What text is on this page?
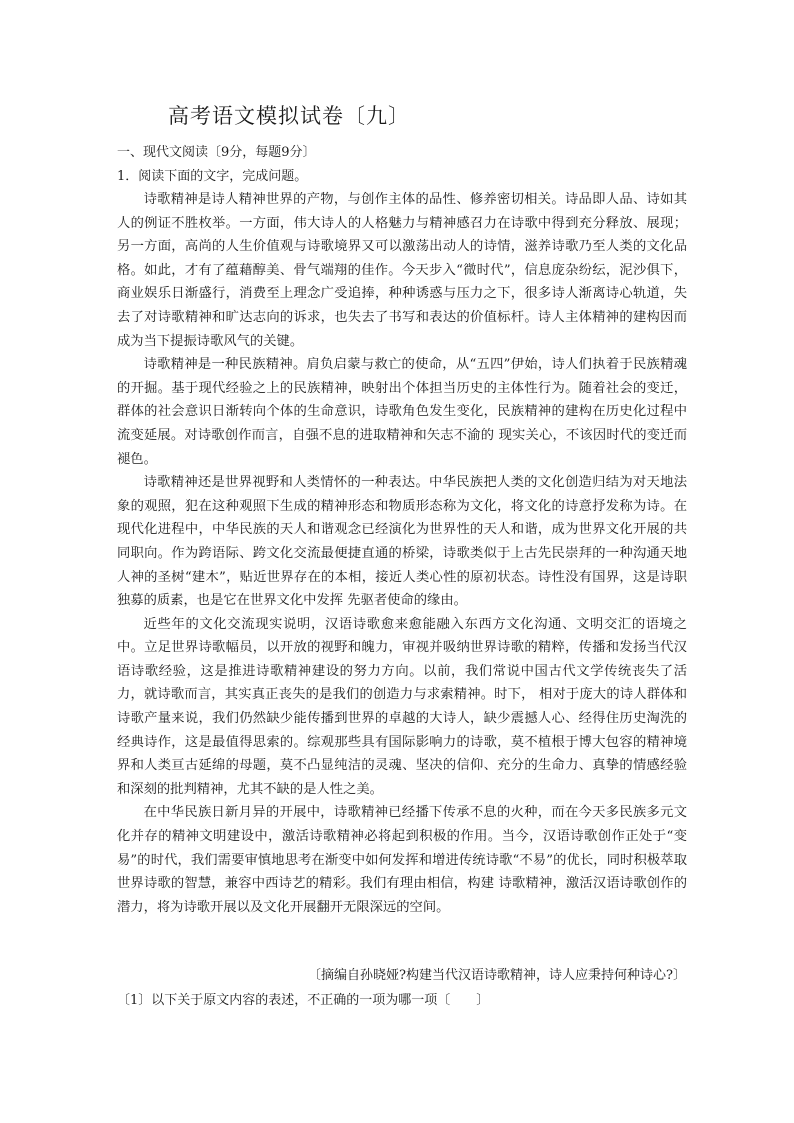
高考语文模拟试卷〔九〕
一、现代文阅读〔9分，每题9分〕
1．阅读下面的文字，完成问题。

诗歌精神是诗人精神世界的产物，与创作主体的品性、修养密切相关。诗品即人品、诗如其人的例证不胜枚举。一方面，伟大诗人的人格魅力与精神感召力在诗歌中得到充分释放、展现；另一方面，高尚的人生价值观与诗歌境界又可以激荡出动人的诗情，滋养诗歌乃至人类的文化品格。如此，才有了蕴藉醇美、骨气端翔的佳作。今天步入“微时代”，信息庞杂纷纭，泥沙俱下，商业娱乐日渐盛行，消费至上理念广受追捧，种种诱惑与压力之下，很多诗人渐离诗心轨道，失去了对诗歌精神和旷达志向的诉求，也失去了书写和表达的价值标杆。诗人主体精神的建构因而成为当下提振诗歌风气的关键。

诗歌精神是一种民族精神。肩负启蒙与救亡的使命，从“五四”伊始，诗人们执着于民族精魂的开掘。基于现代经验之上的民族精神，映射出个体担当历史的主体性行为。随着社会的变迁，群体的社会意识日渐转向个体的生命意识，诗歌角色发生变化，民族精神的建构在历史化过程中流变延展。对诗歌创作而言，自强不息的进取精神和矢志不渝的 现实关心，不该因时代的变迁而褪色。

诗歌精神还是世界视野和人类情怀的一种表达。中华民族把人类的文化创造归结为对天地法象的观照，犯在这种观照下生成的精神形态和物质形态称为文化，将文化的诗意抒发称为诗。在现代化进程中，中华民族的天人和谐观念已经演化为世界性的天人和谐，成为世界文化开展的共同职向。作为跨语际、跨文化交流最便捷直通的桥梁，诗歌类似于上古先民崇拜的一种沟通天地人神的圣树“建木”，贴近世界存在的本相，接近人类心性的原初状态。诗性没有国界，这是诗职独募的质素，也是它在世界文化中发挥 先驱者使命的缘由。

近些年的文化交流现实说明，汉语诗歌愈来愈能融入东西方文化沟通、文明交汇的语境之中。立足世界诗歌幅员，以开放的视野和魄力，审视并吸纳世界诗歌的精粹，传播和发扬当代汉语诗歌经验，这是推进诗歌精神建设的努力方向。以前，我们常说中国古代文学传统丧失了活力，就诗歌而言，其实真正丧失的是我们的创造力与求索精神。时下， 相对于庞大的诗人群体和诗歌产量来说，我们仍然缺少能传播到世界的卓越的大诗人，缺少震撼人心、经得住历史淘洗的经典诗作，这是最值得思索的。综观那些具有国际影响力的诗歌，莫不植根于博大包容的精神境界和人类亘古延绵的母题，莫不凸显纯洁的灵魂、坚决的信仰、充分的生命力、真挚的情感经验和深刻的批判精神，尤其不缺的是人性之美。

在中华民族日新月异的开展中，诗歌精神已经播下传承不息的火种，而在今天多民族多元文化并存的精神文明建设中，激活诗歌精神必将起到积极的作用。当今，汉语诗歌创作正处于“变易”的时代，我们需要审慎地思考在渐变中如何发挥和增进传统诗歌“不易”的优长，同时积极萃取世界诗歌的智慧，兼容中西诗艺的精彩。我们有理由相信，构建 诗歌精神，激活汉语诗歌创作的潜力，将为诗歌开展以及文化开展翻开无限深远的空间。

〔摘编自孙晓娅?构建当代汉语诗歌精神，诗人应秉持何种诗心?〕
〔1〕以下关于原文内容的表述，不正确的一项为哪一项〔　　〕
